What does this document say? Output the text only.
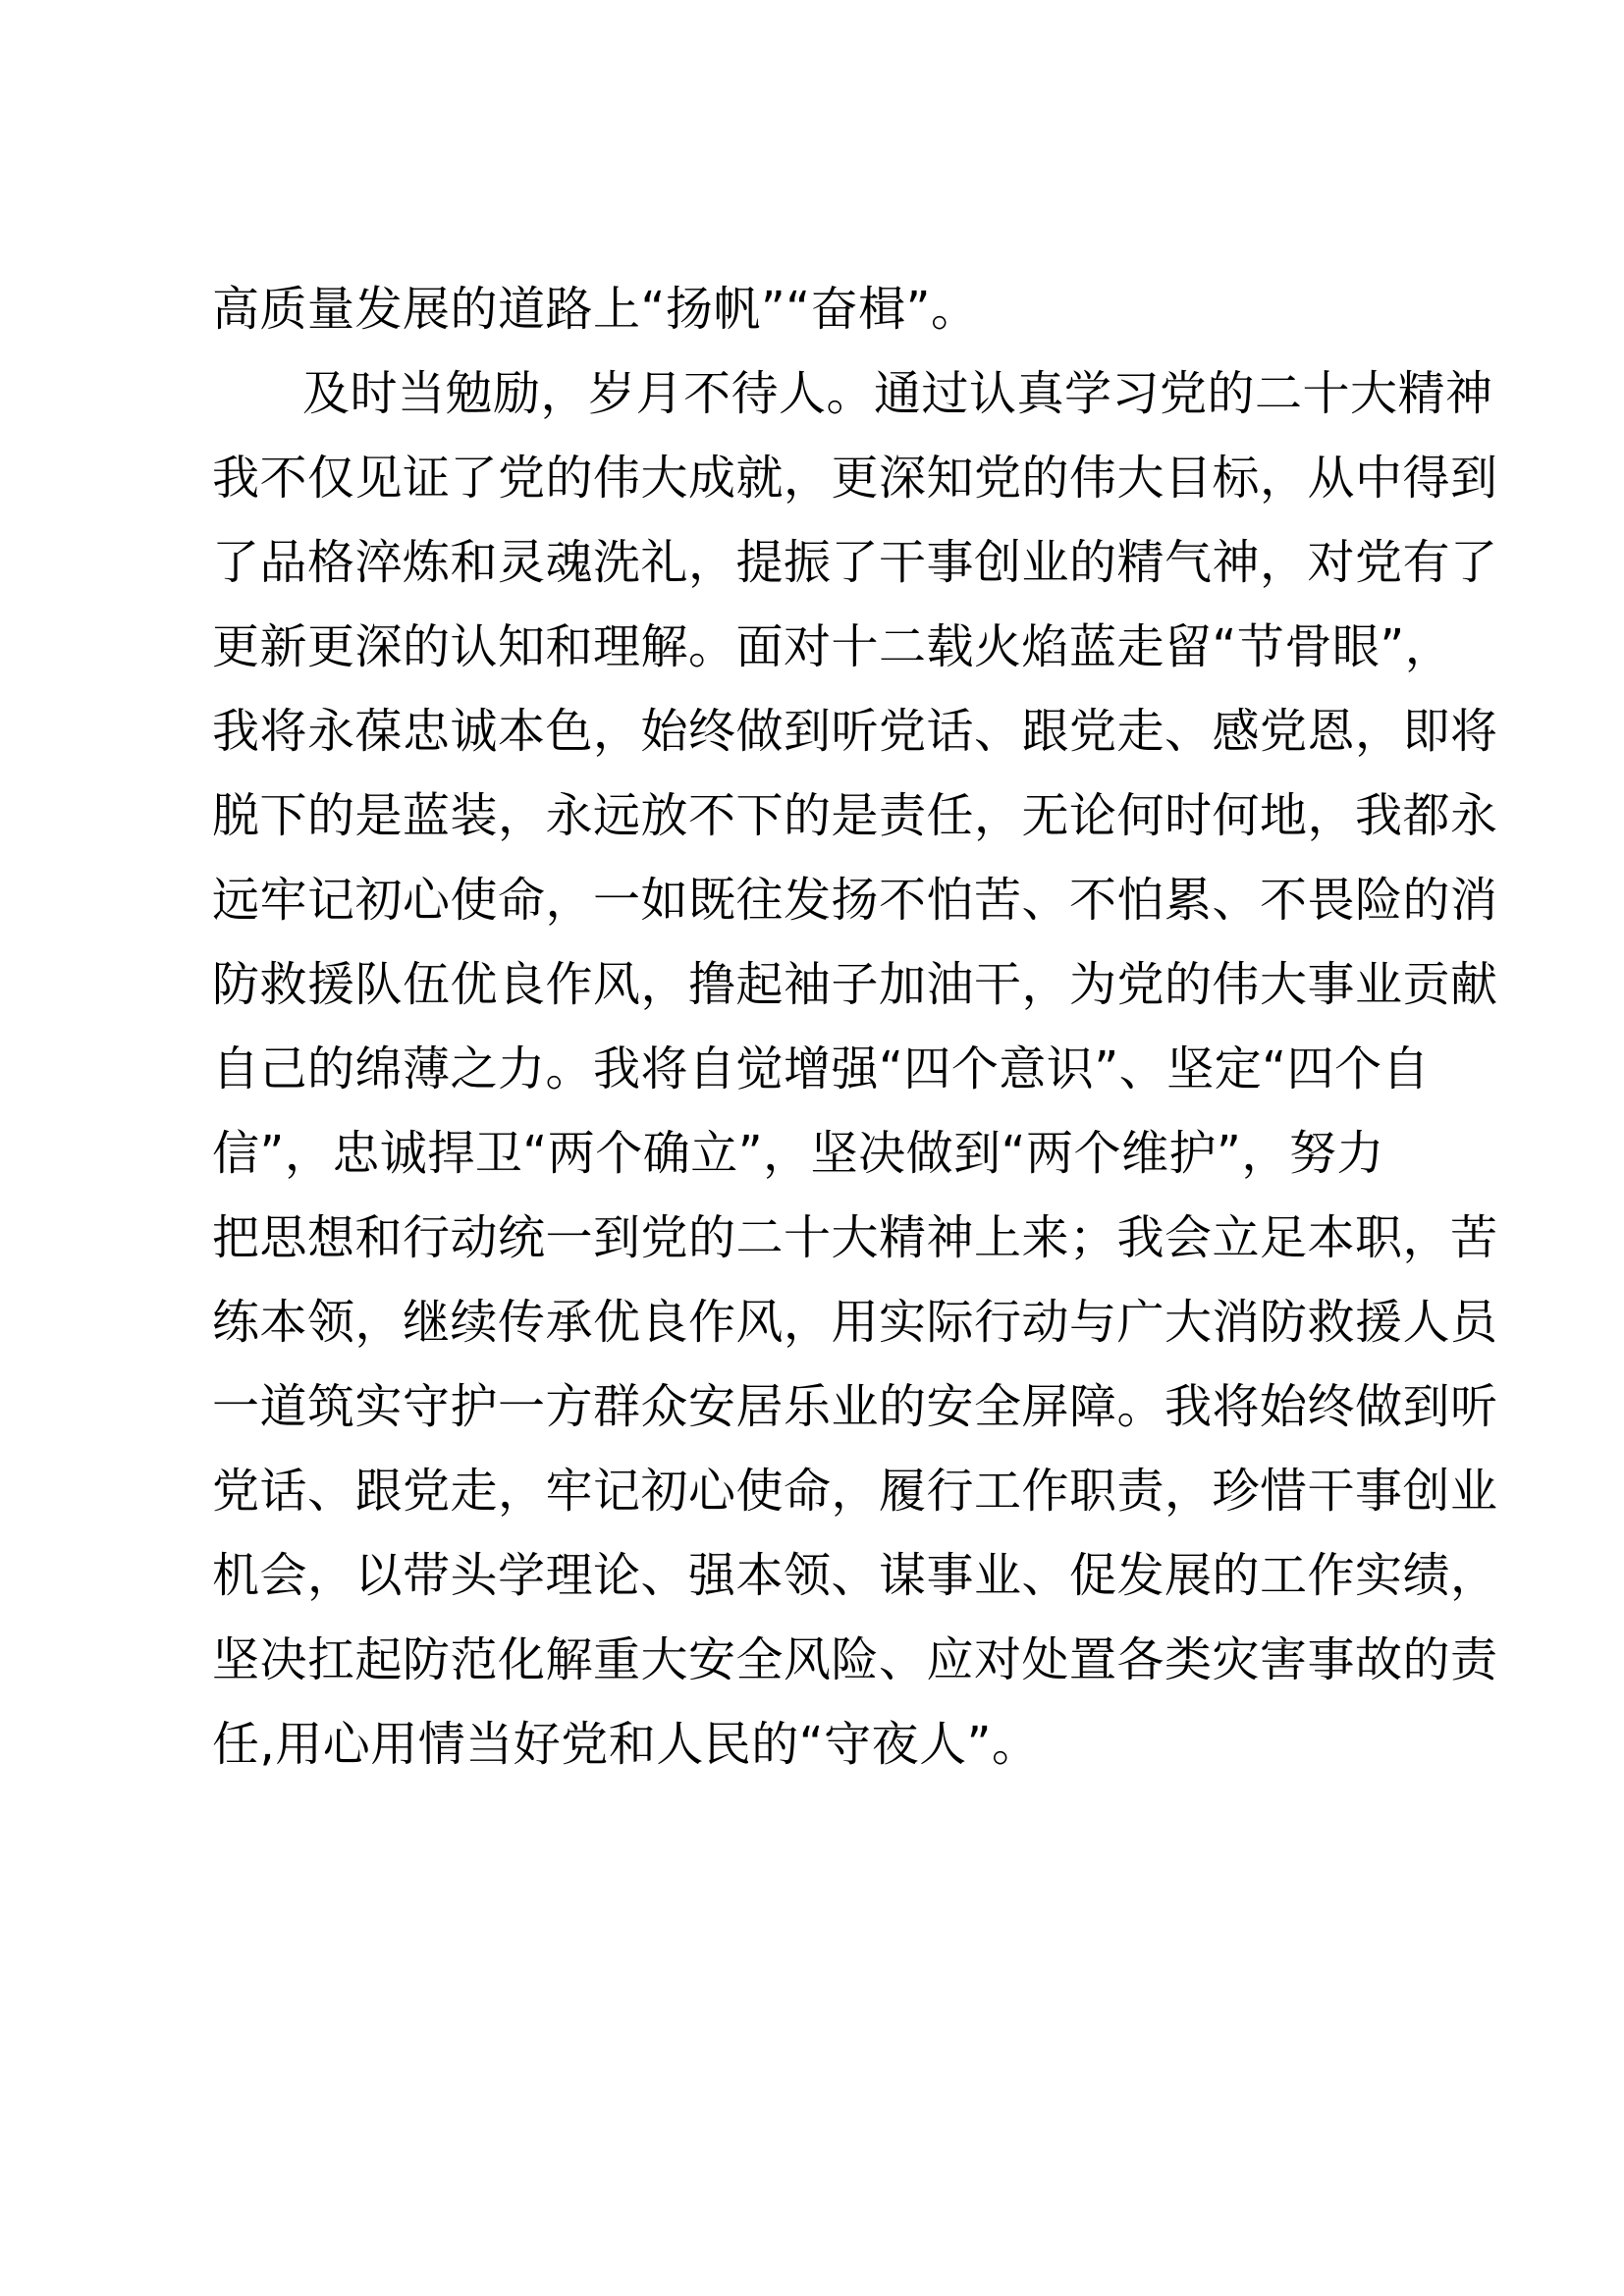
高质量发展的道路上“扬帆”“奋楫”。
及时当勉励，岁月不待人。通过认真学习党的二十大精神
我不仅见证了党的伟大成就，更深知党的伟大目标，从中得到
了品格淬炼和灵魂洗礼，提振了干事创业的精气神，对党有了
更新更深的认知和理解。面对十二载火焰蓝走留“节骨眼”，
我将永葆忠诚本色，始终做到听党话、跟党走、感党恩，即将
脱下的是蓝装，永远放不下的是责任，无论何时何地，我都永
远牢记初心使命，一如既往发扬不怕苦、不怕累、不畏险的消
防救援队伍优良作风，撸起袖子加油干，为党的伟大事业贡献
自己的绵薄之力。我将自觉增强“四个意识”、坚定“四个自
信”，忠诚捍卫“两个确立”，坚决做到“两个维护”，努力
把思想和行动统一到党的二十大精神上来；我会立足本职，苦
练本领，继续传承优良作风，用实际行动与广大消防救援人员
一道筑实守护一方群众安居乐业的安全屏障。我将始终做到听
党话、跟党走，牢记初心使命，履行工作职责，珍惜干事创业
机会，以带头学理论、强本领、谋事业、促发展的工作实绩，
坚决扛起防范化解重大安全风险、应对处置各类灾害事故的责
任,用心用情当好党和人民的“守夜人”。
